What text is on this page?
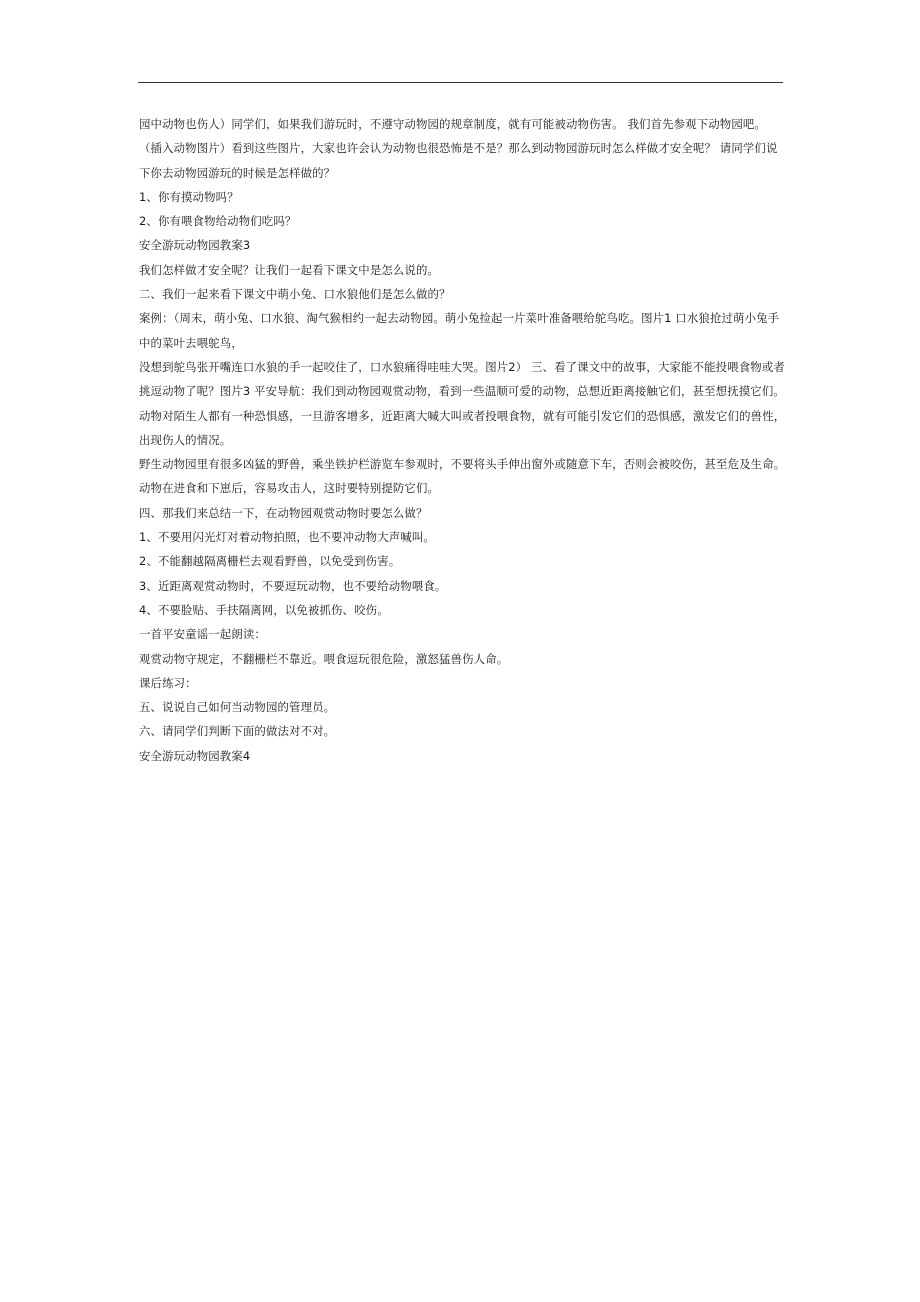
园中动物也伤人）同学们，如果我们游玩时，不遵守动物园的规章制度，就有可能被动物伤害。 我们首先参观下动物园吧。

（插入动物图片）看到这些图片，大家也许会认为动物也很恐怖是不是？那么到动物园游玩时怎么样做才安全呢？ 请同学们说下你去动物园游玩的时候是怎样做的？

1、你有摸动物吗？

2、你有喂食物给动物们吃吗？

安全游玩动物园教案3

我们怎样做才安全呢？让我们一起看下课文中是怎么说的。

二、我们一起来看下课文中萌小兔、口水狼他们是怎么做的？

案例：（周末，萌小兔、口水狼、淘气猴相约一起去动物园。萌小兔捡起一片菜叶准备喂给鸵鸟吃。图片1 口水狼抢过萌小兔手中的菜叶去喂鸵鸟，

没想到鸵鸟张开嘴连口水狼的手一起咬住了，口水狼痛得哇哇大哭。图片2） 三、看了课文中的故事，大家能不能投喂食物或者挑逗动物了呢？图片3 平安导航：我们到动物园观赏动物，看到一些温顺可爱的动物，总想近距离接触它们，甚至想抚摸它们。

动物对陌生人都有一种恐惧感，一旦游客增多，近距离大喊大叫或者投喂食物，就有可能引发它们的恐惧感，激发它们的兽性，出现伤人的情况。

野生动物园里有很多凶猛的野兽，乘坐铁护栏游览车参观时，不要将头手伸出窗外或随意下车，否则会被咬伤，甚至危及生命。 动物在进食和下崽后，容易攻击人，这时要特别提防它们。

四、那我们来总结一下，在动物园观赏动物时要怎么做？

1、不要用闪光灯对着动物拍照，也不要冲动物大声喊叫。

2、不能翻越隔离栅栏去观看野兽，以免受到伤害。

3、近距离观赏动物时，不要逗玩动物，也不要给动物喂食。

4、不要脸贴、手扶隔离网，以免被抓伤、咬伤。

一首平安童谣一起朗读：

观赏动物守规定，不翻栅栏不靠近。喂食逗玩很危险，激怒猛兽伤人命。

课后练习：

五、说说自己如何当动物园的管理员。

六、请同学们判断下面的做法对不对。

安全游玩动物园教案4
